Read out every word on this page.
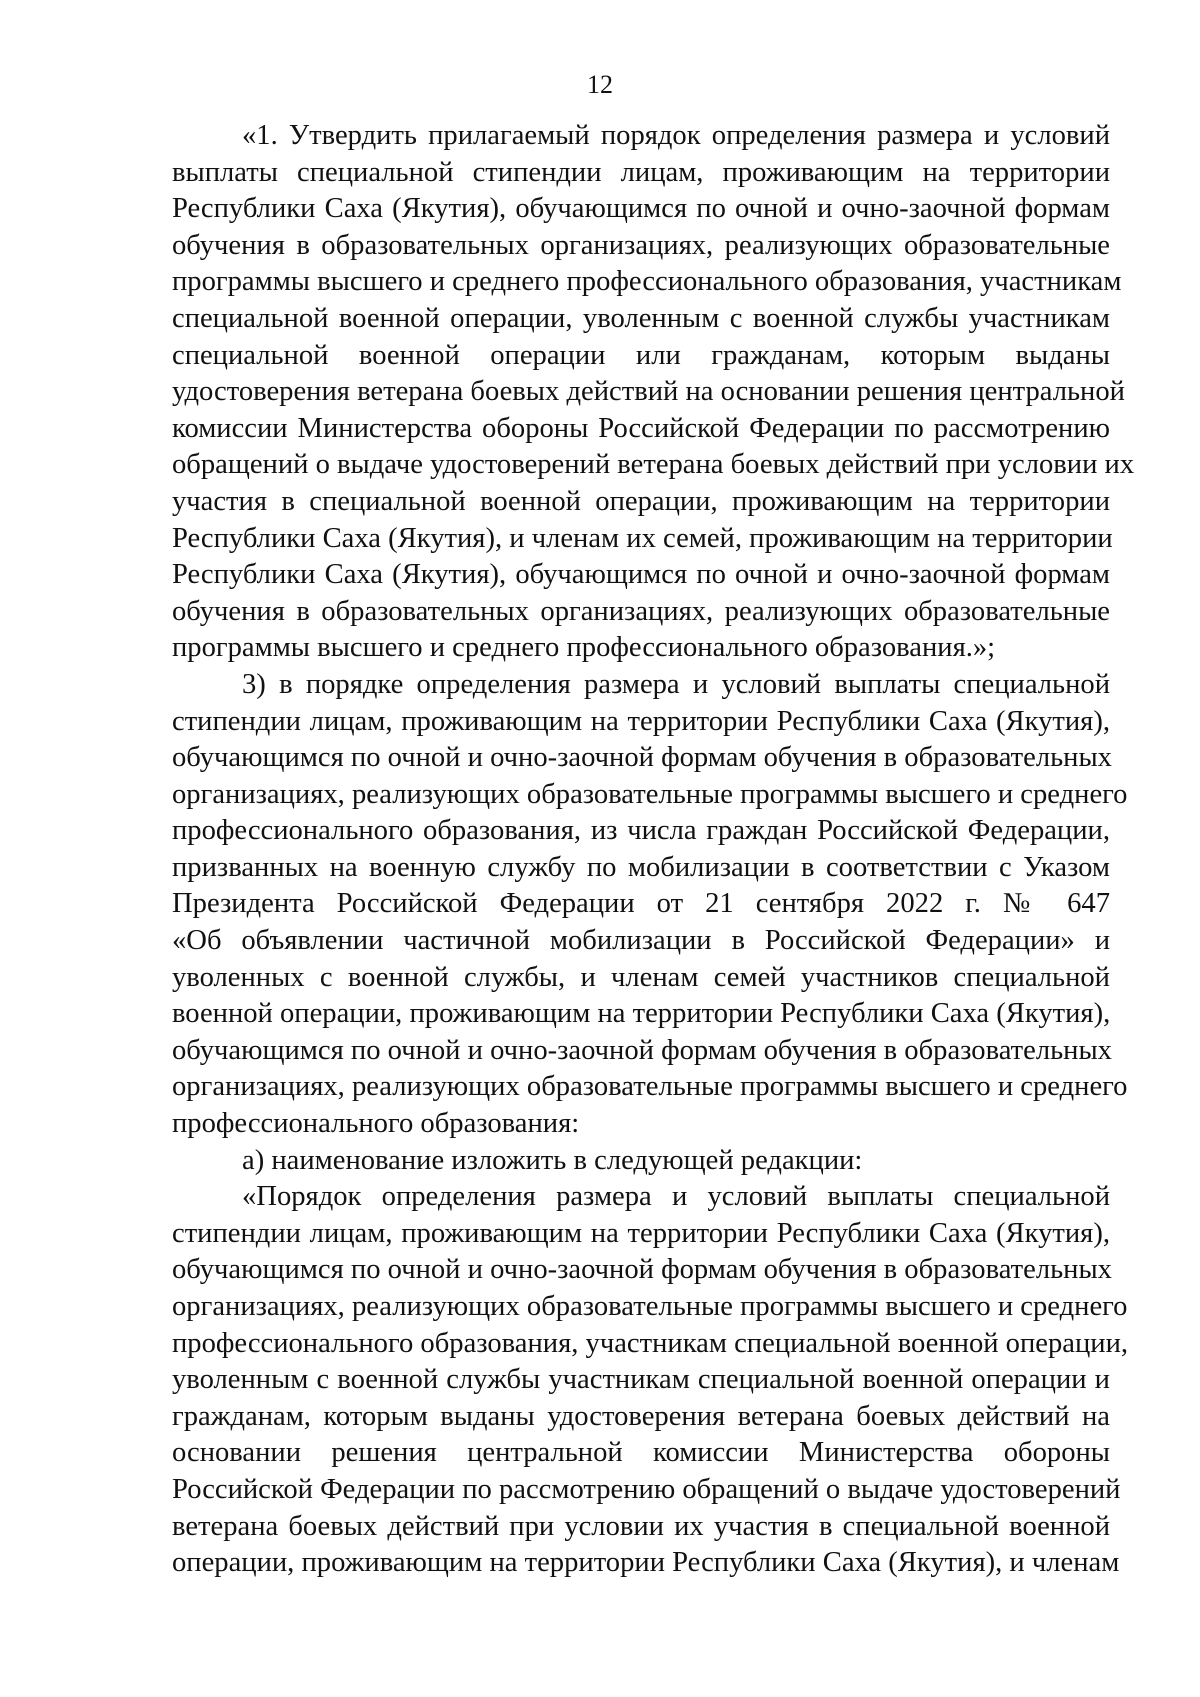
12

«1. Утвердить прилагаемый порядок определения размера и условий
выплаты специальной стипендии лицам, проживающим на территории
Республики Саха (Якутия), обучающимся по очной и очно-заочной формам
обучения в образовательных организациях, реализующих образовательные
программы высшего и среднего профессионального образования, участникам
специальной военной операции, уволенным с военной службы участникам
специальной военной операции или гражданам, которым выданы
удостоверения ветерана боевых действий на основании решения центральной
комиссии Министерства обороны Российской Федерации по рассмотрению
обращений о выдаче удостоверений ветерана боевых действий при условии их
участия в специальной военной операции, проживающим на территории
Республики Саха (Якутия), и членам их семей, проживающим на территории
Республики Саха (Якутия), обучающимся по очной и очно-заочной формам
обучения в образовательных организациях, реализующих образовательные
программы высшего и среднего профессионального образования.»;

3) в порядке определения размера и условий выплаты специальной
стипендии лицам, проживающим на территории Республики Саха (Якутия),
обучающимся по очной и очно-заочной формам обучения в образовательных
организациях, реализующих образовательные программы высшего и среднего
профессионального образования, из числа граждан Российской Федерации,
призванных на военную службу по мобилизации в соответствии с Указом
Президента Российской Федерации от 21 сентября 2022 г. № 647
«Об объявлении частичной мобилизации в Российской Федерации» и
уволенных с военной службы, и членам семей участников специальной
военной операции, проживающим на территории Республики Саха (Якутия),
обучающимся по очной и очно-заочной формам обучения в образовательных
организациях, реализующих образовательные программы высшего и среднего
профессионального образования:

а) наименование изложить в следующей редакции:

«Порядок определения размера и условий выплаты специальной
стипендии лицам, проживающим на территории Республики Саха (Якутия),
обучающимся по очной и очно-заочной формам обучения в образовательных
организациях, реализующих образовательные программы высшего и среднего
профессионального образования, участникам специальной военной операции,
уволенным с военной службы участникам специальной военной операции и
гражданам, которым выданы удостоверения ветерана боевых действий на
основании решения центральной комиссии Министерства обороны
Российской Федерации по рассмотрению обращений о выдаче удостоверений
ветерана боевых действий при условии их участия в специальной военной
операции, проживающим на территории Республики Саха (Якутия), и членам
